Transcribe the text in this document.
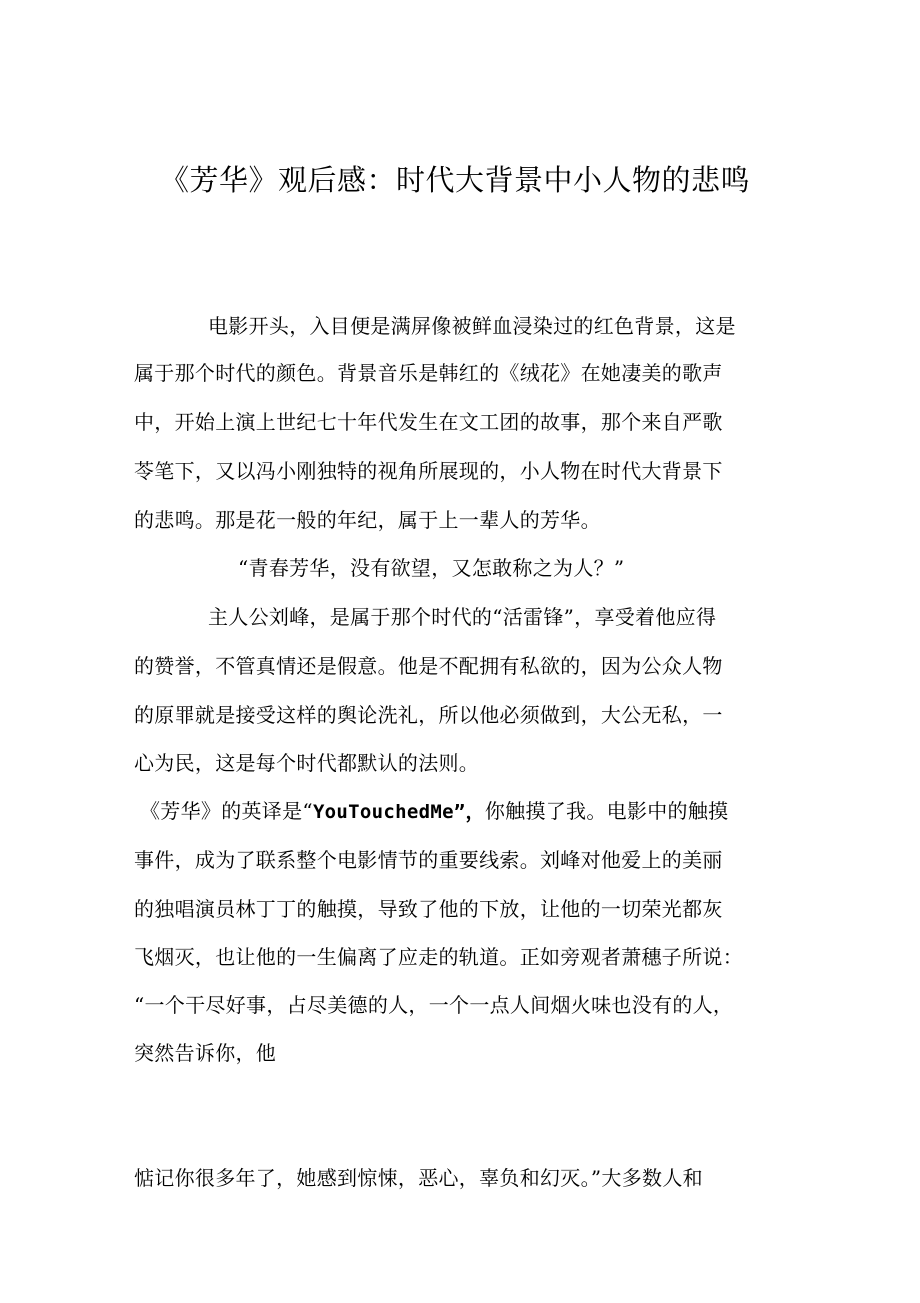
《芳华》观后感：时代大背景中小人物的悲鸣
电影开头，入目便是满屏像被鲜血浸染过的红色背景，这是
属于那个时代的颜色。背景音乐是韩红的《绒花》在她凄美的歌声
中，开始上演上世纪七十年代发生在文工团的故事，那个来自严歌
苓笔下，又以冯小刚独特的视角所展现的，小人物在时代大背景下
的悲鸣。那是花一般的年纪，属于上一辈人的芳华。
“青春芳华，没有欲望，又怎敢称之为人？”
主人公刘峰，是属于那个时代的“活雷锋”，享受着他应得
的赞誉，不管真情还是假意。他是不配拥有私欲的，因为公众人物
的原罪就是接受这样的舆论洗礼，所以他必须做到，大公无私，一
心为民，这是每个时代都默认的法则。
《芳华》的英译是“YouTouchedMe”，你触摸了我。电影中的触摸
事件，成为了联系整个电影情节的重要线索。刘峰对他爱上的美丽
的独唱演员林丁丁的触摸，导致了他的下放，让他的一切荣光都灰
飞烟灭，也让他的一生偏离了应走的轨道。正如旁观者萧穗子所说：
“一个干尽好事，占尽美德的人，一个一点人间烟火味也没有的人，
突然告诉你，他
惦记你很多年了，她感到惊悚，恶心，辜负和幻灭。”大多数人和
